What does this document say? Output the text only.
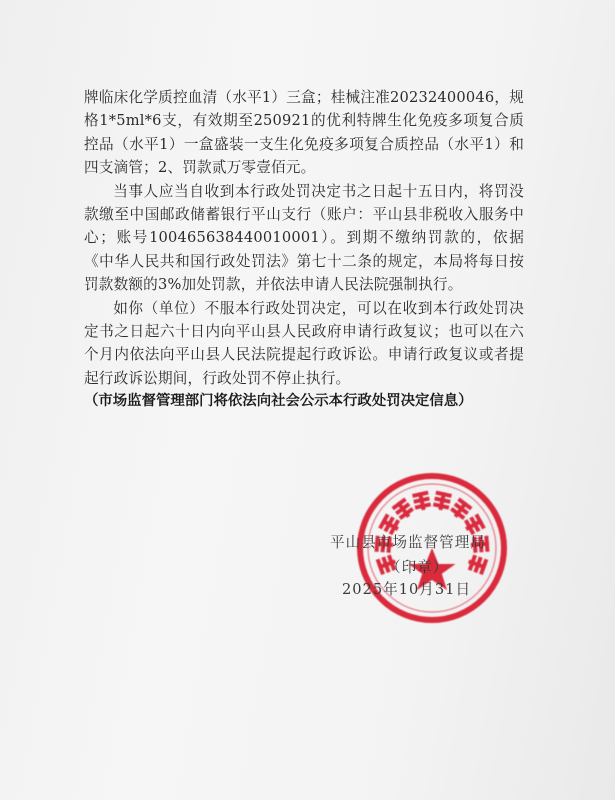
牌临床化学质控血清（水平1）三盒；桂械注准20232400046，规格1*5ml*6支，有效期至250921的优利特牌生化免疫多项复合质控品（水平1）一盒盛装一支生化免疫多项复合质控品（水平1）和四支滴管；2、罚款贰万零壹佰元。

当事人应当自收到本行政处罚决定书之日起十五日内，将罚没款缴至中国邮政储蓄银行平山支行（账户：平山县非税收入服务中心；账号100465638440010001）。到期不缴纳罚款的，依据《中华人民共和国行政处罚法》第七十二条的规定，本局将每日按罚款数额的3%加处罚款，并依法申请人民法院强制执行。

如你（单位）不服本行政处罚决定，可以在收到本行政处罚决定书之日起六十日内向平山县人民政府申请行政复议；也可以在六个月内依法向平山县人民法院提起行政诉讼。申请行政复议或者提起行政诉讼期间，行政处罚不停止执行。

（市场监督管理部门将依法向社会公示本行政处罚决定信息）

平山县市场监督管理局
（印章）
2025年10月31日
